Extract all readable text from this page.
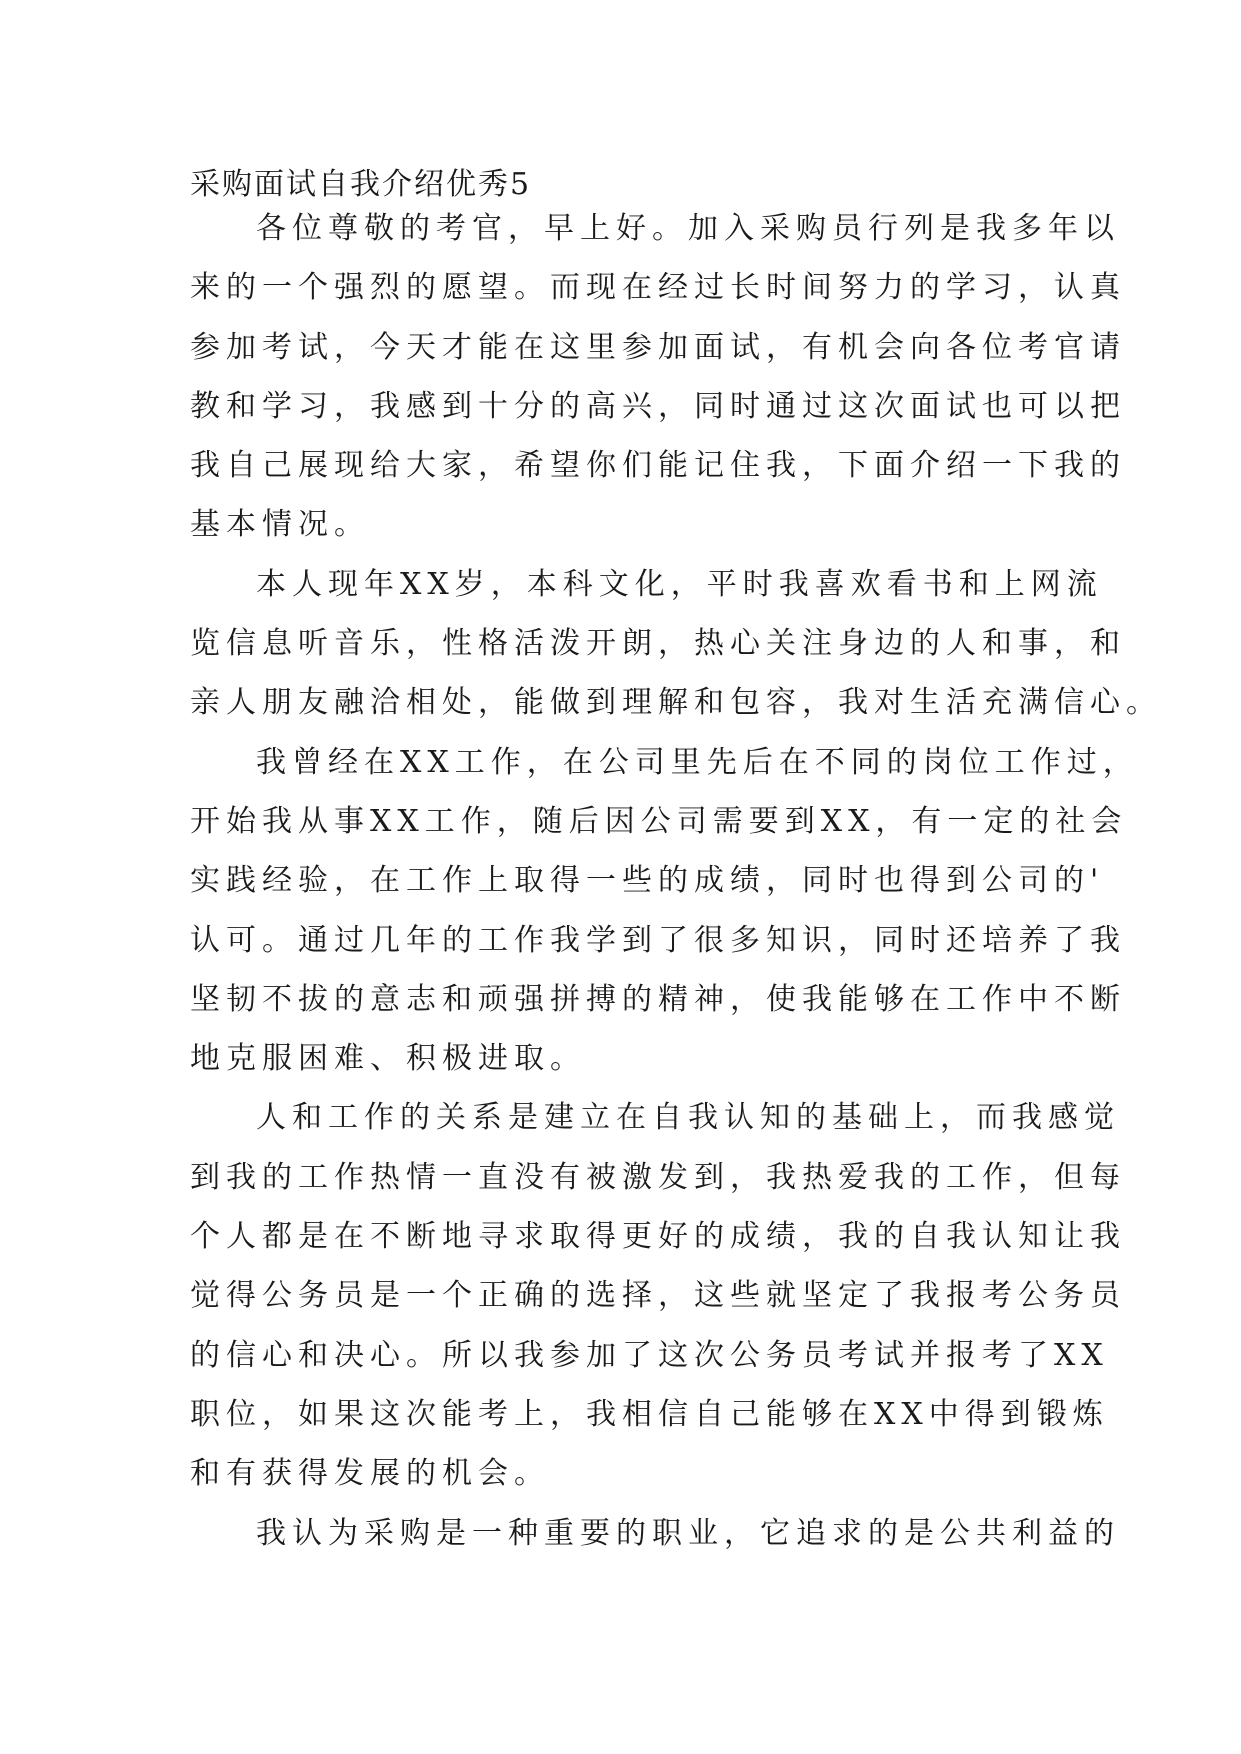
采购面试自我介绍优秀5
各位尊敬的考官，早上好。加入采购员行列是我多年以
来的一个强烈的愿望。而现在经过长时间努力的学习，认真
参加考试，今天才能在这里参加面试，有机会向各位考官请
教和学习，我感到十分的高兴，同时通过这次面试也可以把
我自己展现给大家，希望你们能记住我，下面介绍一下我的
基本情况。
本人现年XX岁，本科文化，平时我喜欢看书和上网流
览信息听音乐，性格活泼开朗，热心关注身边的人和事，和
亲人朋友融洽相处，能做到理解和包容，我对生活充满信心。
我曾经在XX工作，在公司里先后在不同的岗位工作过，
开始我从事XX工作，随后因公司需要到XX，有一定的社会
实践经验，在工作上取得一些的成绩，同时也得到公司的'
认可。通过几年的工作我学到了很多知识，同时还培养了我
坚韧不拔的意志和顽强拼搏的精神，使我能够在工作中不断
地克服困难、积极进取。
人和工作的关系是建立在自我认知的基础上，而我感觉
到我的工作热情一直没有被激发到，我热爱我的工作，但每
个人都是在不断地寻求取得更好的成绩，我的自我认知让我
觉得公务员是一个正确的选择，这些就坚定了我报考公务员
的信心和决心。所以我参加了这次公务员考试并报考了XX
职位，如果这次能考上，我相信自己能够在XX中得到锻炼
和有获得发展的机会。
我认为采购是一种重要的职业，它追求的是公共利益的
